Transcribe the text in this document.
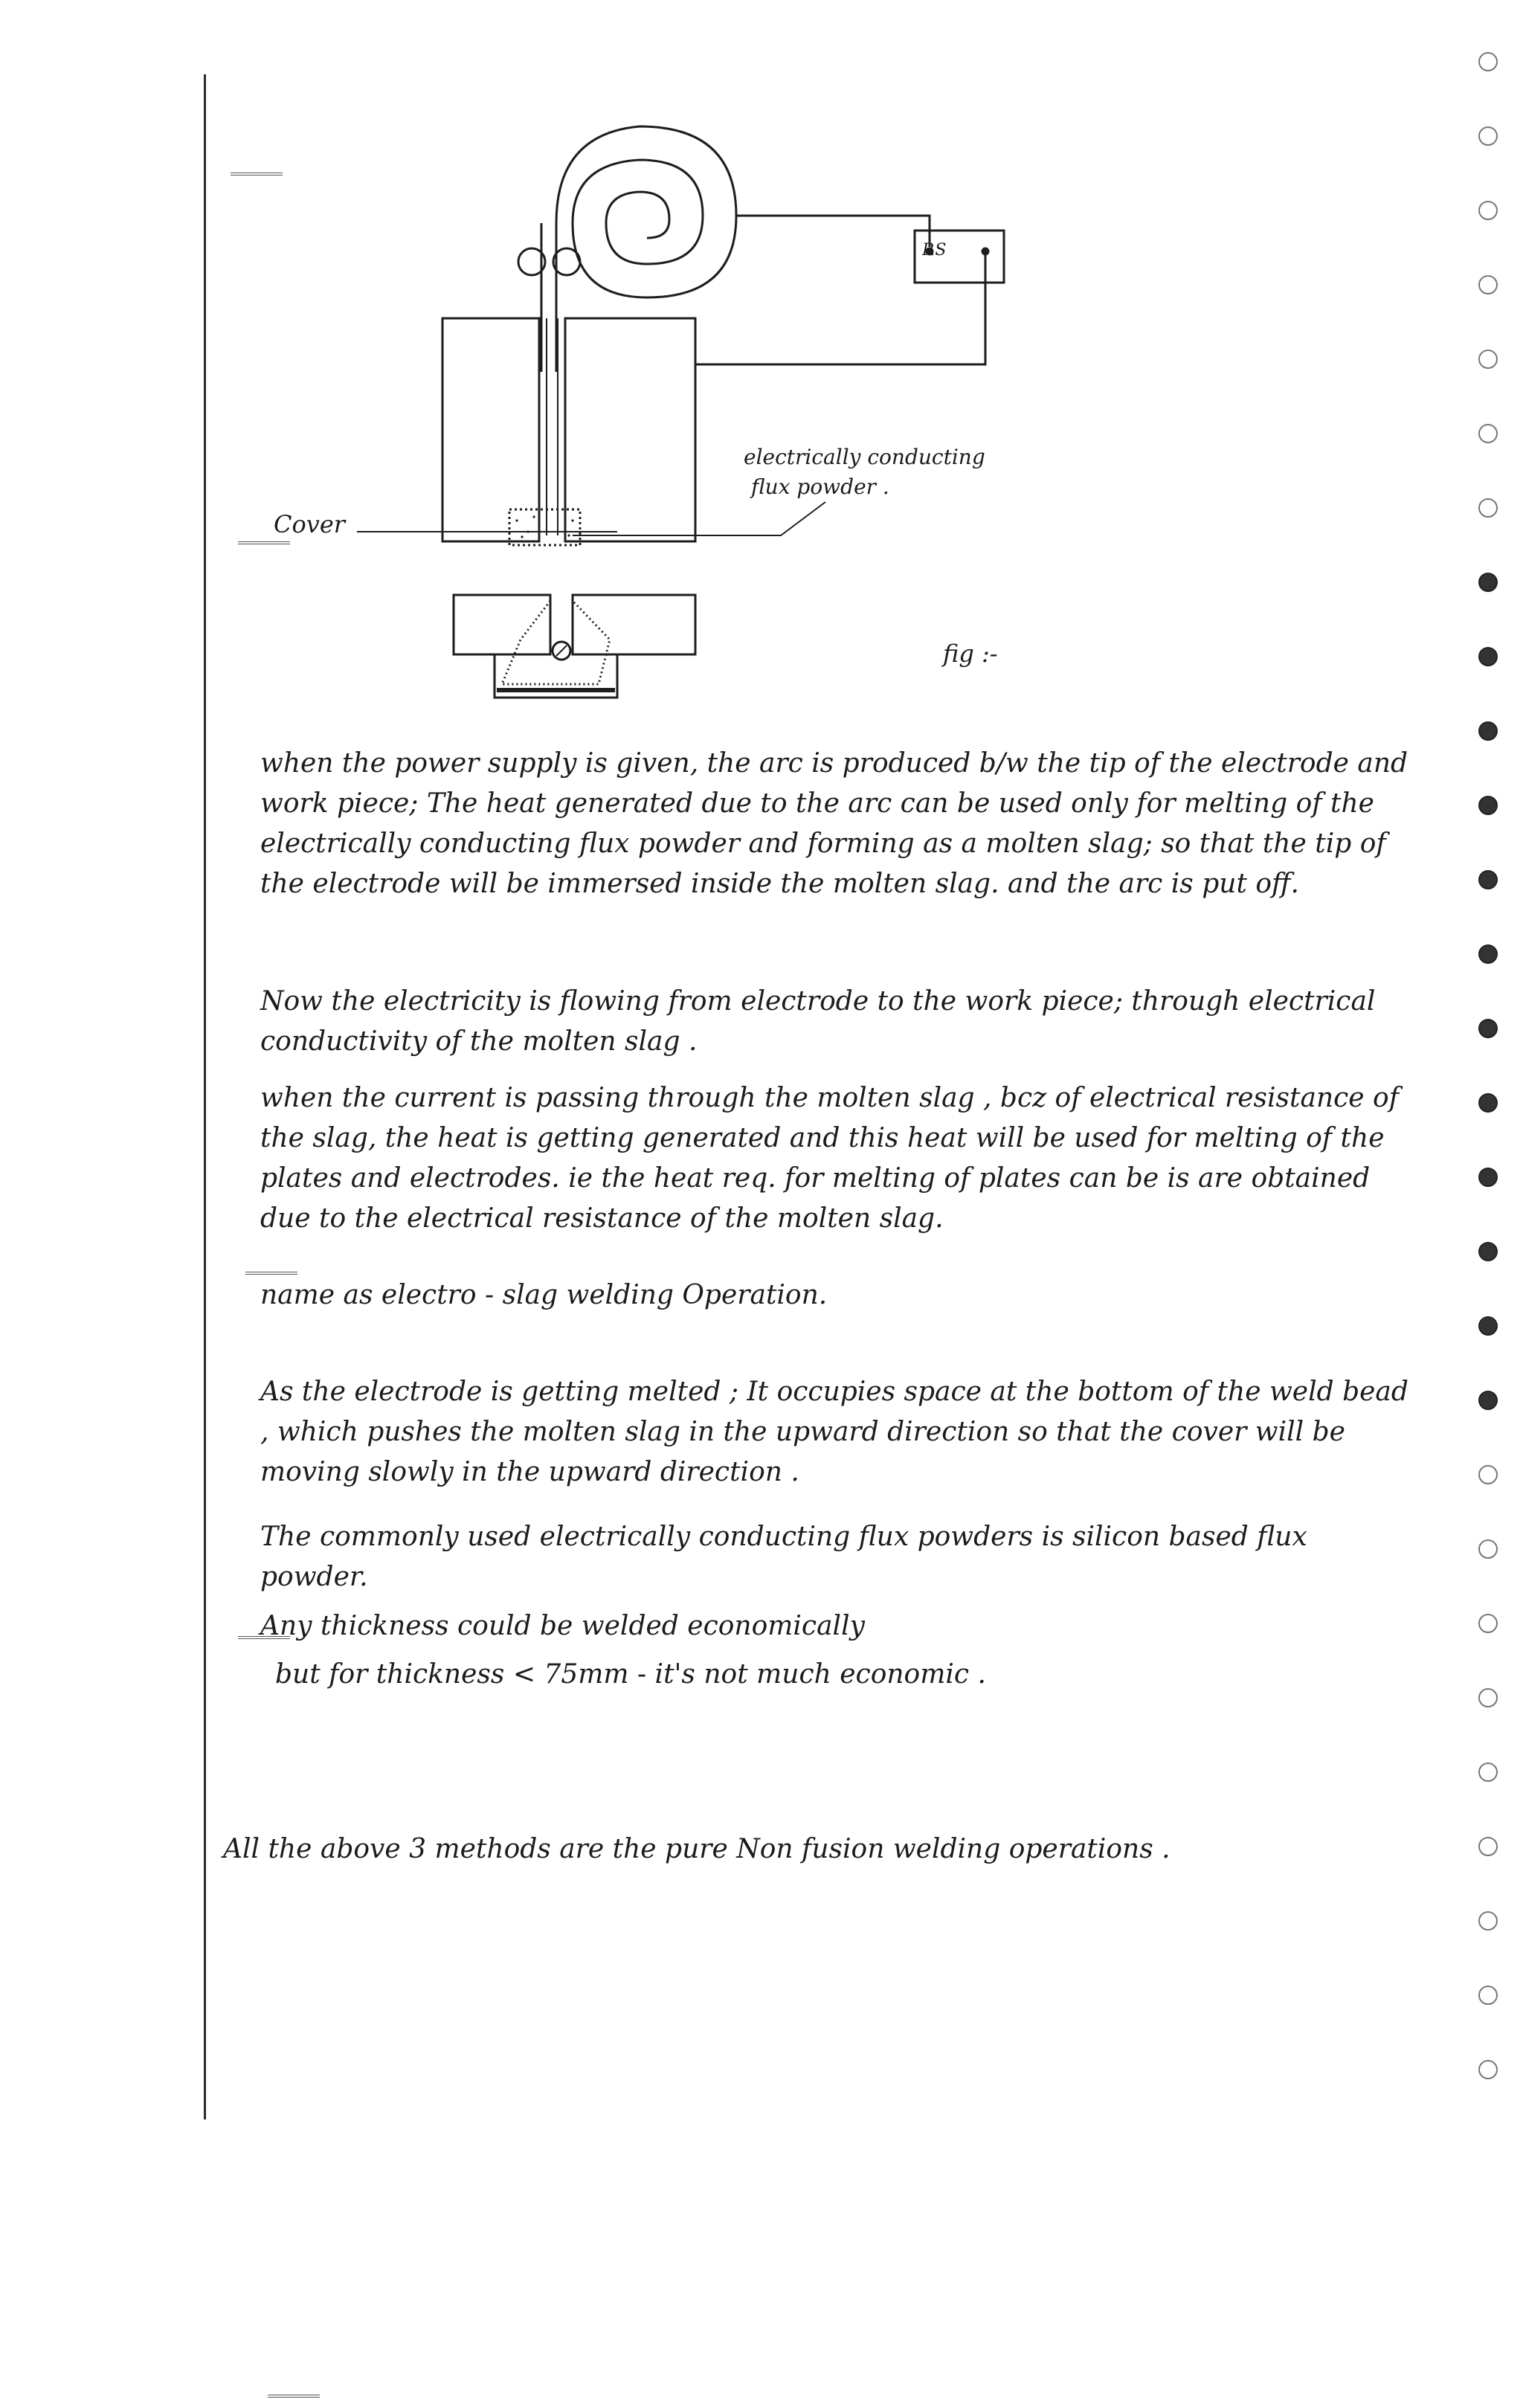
P.S
electrically conducting
flux powder .
Cover
fig :-

when the power supply is given, the arc is produced b/w the tip of the electrode and work piece; The heat generated due to the arc can be used only for melting of the electrically conducting flux powder and forming as a molten slag; so that the tip of the electrode will be immersed inside the molten slag. and the arc is put off.

Now the electricity is flowing from electrode to the work piece; through electrical conductivity of the molten slag .

when the current is passing through the molten slag , bcz of electrical resistance of the slag, the heat is getting generated and this heat will be used for melting of the plates and electrodes. ie the heat req. for melting of plates can be is are obtained due to the electrical resistance of the molten slag.

name as electro - slag welding Operation.

As the electrode is getting melted ; It occupies space at the bottom of the weld bead , which pushes the molten slag in the upward direction so that the cover will be moving slowly in the upward direction .

The commonly used electrically conducting flux powders is silicon based flux powder.

Any thickness could be welded economically

but for thickness < 75mm - it's not much economic .

All the above 3 methods are the pure Non fusion welding operations .
